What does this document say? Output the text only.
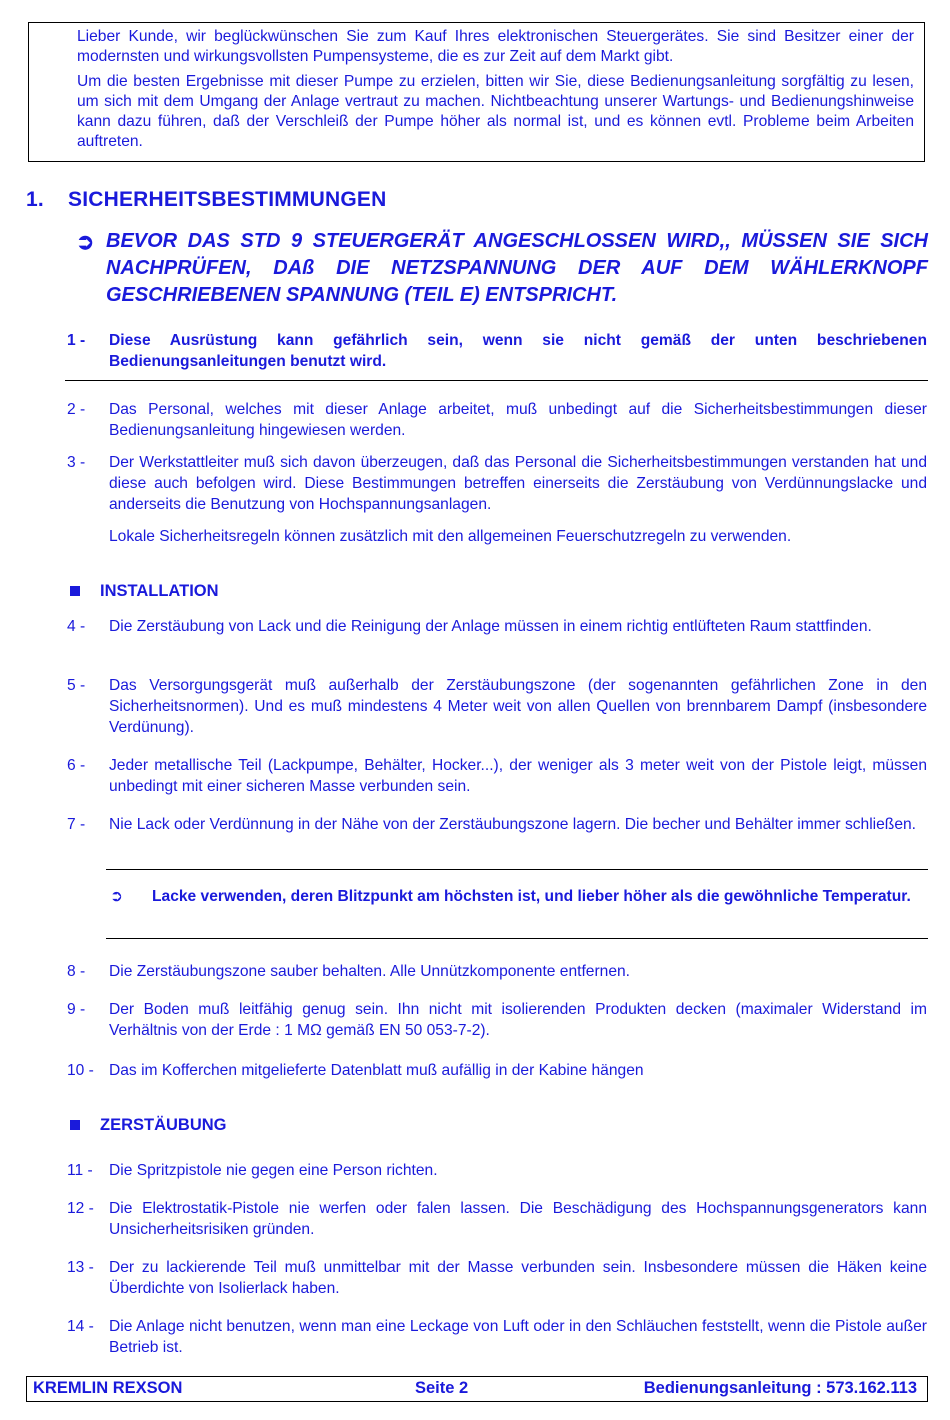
Lieber Kunde, wir beglückwünschen Sie zum Kauf Ihres elektronischen Steuergerätes. Sie sind Besitzer einer der modernsten und wirkungsvollsten Pumpensysteme, die es zur Zeit auf dem Markt gibt.

Um die besten Ergebnisse mit dieser Pumpe zu erzielen, bitten wir Sie, diese Bedienungsanleitung sorgfältig zu lesen, um sich mit dem Umgang der Anlage vertraut zu machen. Nichtbeachtung unserer Wartungs- und Bedienungshinweise kann dazu führen, daß der Verschleiß der Pumpe höher als normal ist, und es können evtl. Probleme beim Arbeiten auftreten.

1. SICHERHEITSBESTIMMUNGEN
➲ BEVOR DAS STD 9 STEUERGERÄT ANGESCHLOSSEN WIRD,, MÜSSEN SIE SICH NACHPRÜFEN, DAß DIE NETZSPANNUNG DER AUF DEM WÄHLERKNOPF GESCHRIEBENEN SPANNUNG (TEIL E) ENTSPRICHT.
1 - Diese Ausrüstung kann gefährlich sein, wenn sie nicht gemäß der unten beschriebenen Bedienungsanleitungen benutzt wird.
2 - Das Personal, welches mit dieser Anlage arbeitet, muß unbedingt auf die Sicherheitsbestimmungen dieser Bedienungsanleitung hingewiesen werden.
3 - Der Werkstattleiter muß sich davon überzeugen, daß das Personal die Sicherheitsbestimmungen verstanden hat und diese auch befolgen wird. Diese Bestimmungen betreffen einerseits die Zerstäubung von Verdünnungslacke und anderseits die Benutzung von Hochspannungsanlagen.
Lokale Sicherheitsregeln können zusätzlich mit den allgemeinen Feuerschutzregeln zu verwenden.
INSTALLATION
4 - Die Zerstäubung von Lack und die Reinigung der Anlage müssen in einem richtig entlüfteten Raum stattfinden.
5 - Das Versorgungsgerät muß außerhalb der Zerstäubungszone (der sogenannten gefährlichen Zone in den Sicherheitsnormen). Und es muß mindestens 4 Meter weit von allen Quellen von brennbarem Dampf (insbesondere Verdünung).
6 - Jeder metallische Teil (Lackpumpe, Behälter, Hocker...), der weniger als 3 meter weit von der Pistole leigt, müssen unbedingt mit einer sicheren Masse verbunden sein.
7 - Nie Lack oder Verdünnung in der Nähe von der Zerstäubungszone lagern. Die becher und Behälter immer schließen.
➲ Lacke verwenden, deren Blitzpunkt am höchsten ist, und lieber höher als die gewöhnliche Temperatur.
8 - Die Zerstäubungszone sauber behalten. Alle Unnützkomponente entfernen.
9 - Der Boden muß leitfähig genug sein. Ihn nicht mit isolierenden Produkten decken (maximaler Widerstand im Verhältnis von der Erde : 1 MΩ gemäß EN 50 053-7-2).
10 - Das im Kofferchen mitgelieferte Datenblatt muß aufällig in der Kabine hängen
ZERSTÄUBUNG
11 - Die Spritzpistole nie gegen eine Person richten.
12 - Die Elektrostatik-Pistole nie werfen oder falen lassen. Die Beschädigung des Hochspannungsgenerators kann Unsicherheitsrisiken gründen.
13 - Der zu lackierende Teil muß unmittelbar mit der Masse verbunden sein. Insbesondere müssen die Häken keine Überdichte von Isolierlack haben.
14 - Die Anlage nicht benutzen, wenn man eine Leckage von Luft oder in den Schläuchen feststellt, wenn die Pistole außer Betrieb ist.
KREMLIN REXSON	Seite 2	Bedienungsanleitung : 573.162.113
